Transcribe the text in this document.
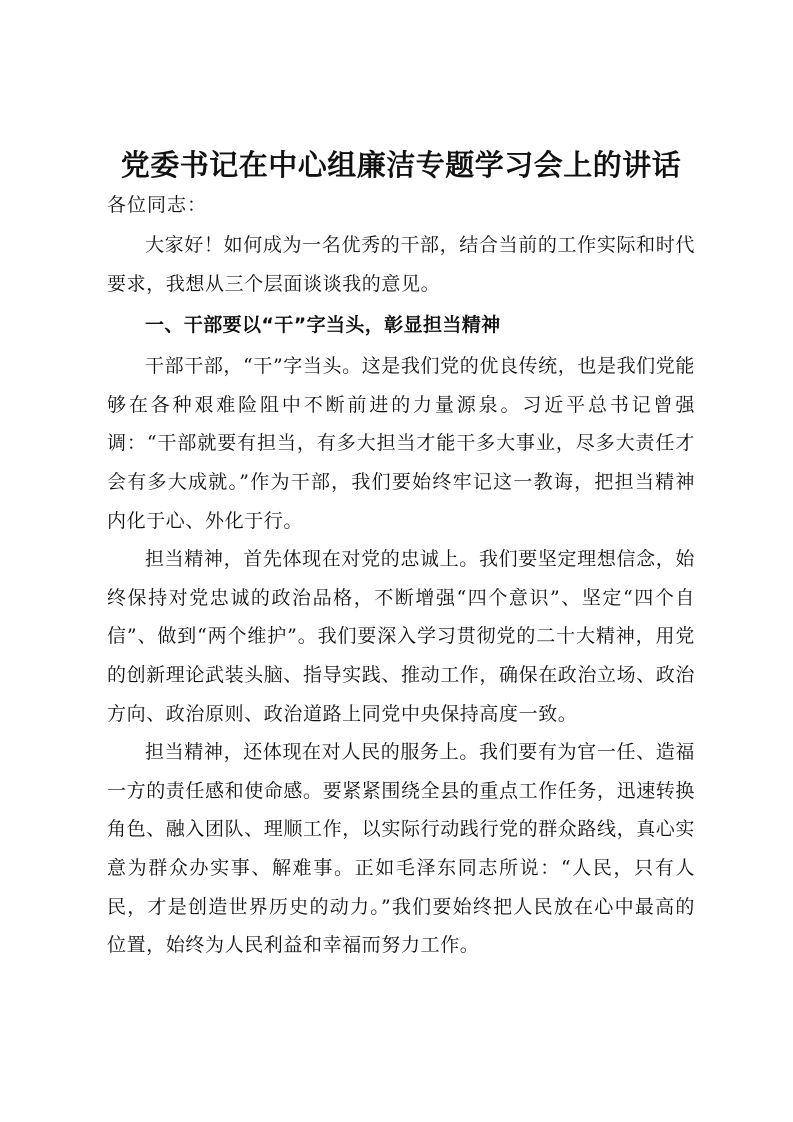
党委书记在中心组廉洁专题学习会上的讲话

各位同志：

大家好！如何成为一名优秀的干部，结合当前的工作实际和时代要求，我想从三个层面谈谈我的意见。

一、干部要以“干”字当头，彰显担当精神

干部干部，“干”字当头。这是我们党的优良传统，也是我们党能够在各种艰难险阻中不断前进的力量源泉。习近平总书记曾强调：“干部就要有担当，有多大担当才能干多大事业，尽多大责任才会有多大成就。”作为干部，我们要始终牢记这一教诲，把担当精神内化于心、外化于行。

担当精神，首先体现在对党的忠诚上。我们要坚定理想信念，始终保持对党忠诚的政治品格，不断增强“四个意识”、坚定“四个自信”、做到“两个维护”。我们要深入学习贯彻党的二十大精神，用党的创新理论武装头脑、指导实践、推动工作，确保在政治立场、政治方向、政治原则、政治道路上同党中央保持高度一致。

担当精神，还体现在对人民的服务上。我们要有为官一任、造福一方的责任感和使命感。要紧紧围绕全县的重点工作任务，迅速转换角色、融入团队、理顺工作，以实际行动践行党的群众路线，真心实意为群众办实事、解难事。正如毛泽东同志所说：“人民，只有人民，才是创造世界历史的动力。”我们要始终把人民放在心中最高的位置，始终为人民利益和幸福而努力工作。
